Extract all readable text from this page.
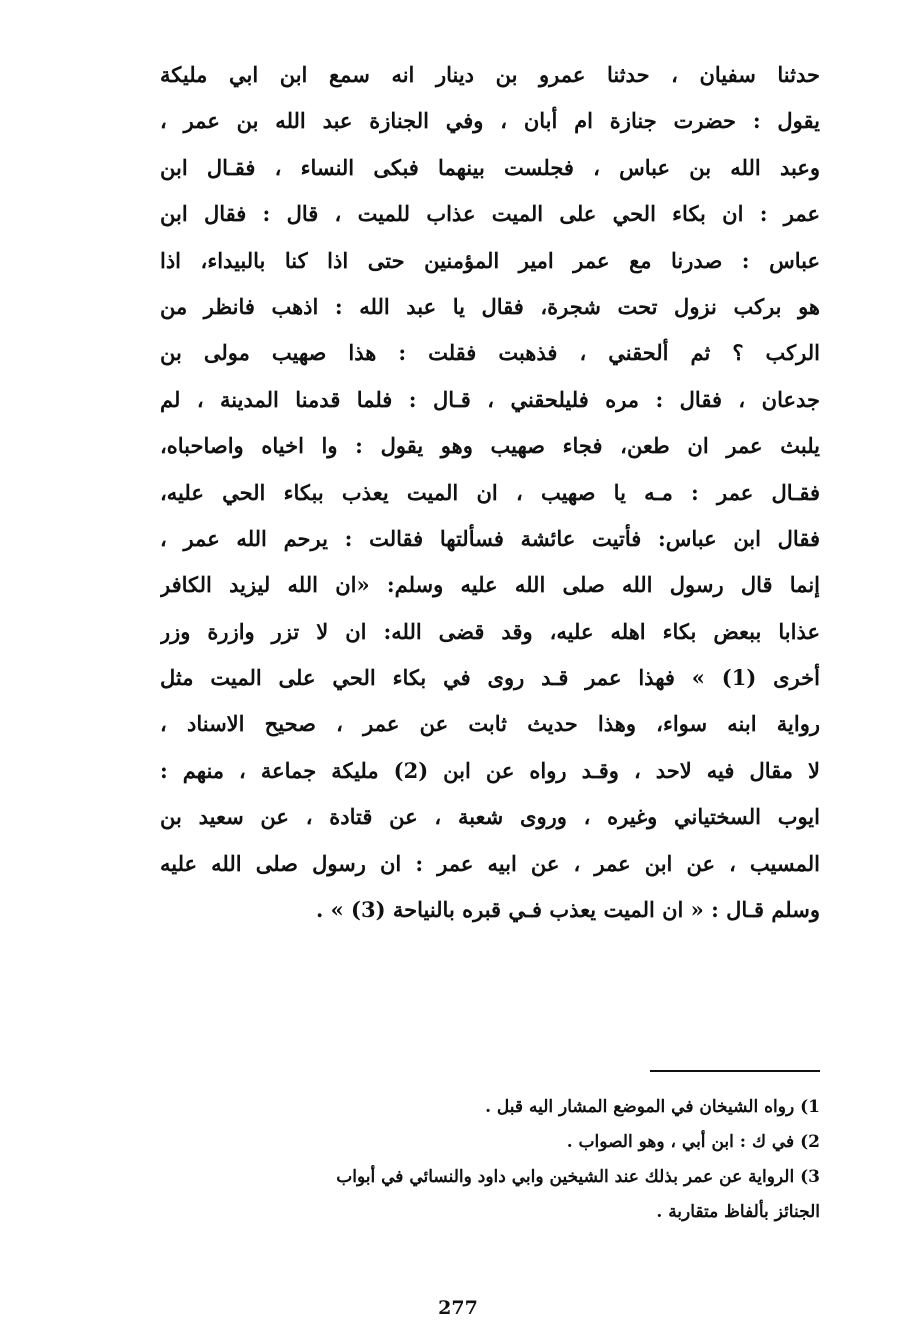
حدثنا سفيان ، حدثنا عمرو بن دينار انه سمع ابن ابي مليكة
يقول : حضرت جنازة ام أبان ، وفي الجنازة عبد الله بن عمر ،
وعبد الله بن عباس ، فجلست بينهما فبكى النساء ، فقـال ابن
عمر : ان بكاء الحي على الميت عذاب للميت ، قال : فقال ابن
عباس : صدرنا مع عمر امير المؤمنين حتى اذا كنا بالبيداء، اذا
هو بركب نزول تحت شجرة، فقال يا عبد الله : اذهب فانظر من
الركب ؟ ثم ألحقني ، فذهبت فقلت : هذا صهيب مولى بن
جدعان ، فقال : مره فليلحقني ، قـال : فلما قدمنا المدينة ، لم
يلبث عمر ان طعن، فجاء صهيب وهو يقول : وا اخياه واصاحباه،
فقـال عمر : مـه يا صهيب ، ان الميت يعذب ببكاء الحي عليه،
فقال ابن عباس: فأتيت عائشة فسألتها فقالت : يرحم الله عمر ،
إنما قال رسول الله صلى الله عليه وسلم: «ان الله ليزيد الكافر
عذابا ببعض بكاء اهله عليه، وقد قضى الله: ان لا تزر وازرة وزر
أخرى (1) » فهذا عمر قـد روى في بكاء الحي على الميت مثل
رواية ابنه سواء، وهذا حديث ثابت عن عمر ، صحيح الاسناد ،
لا مقال فيه لاحد ، وقـد رواه عن ابن (2) مليكة جماعة ، منهم :
ايوب السختياني وغيره ، وروى شعبة ، عن قتادة ، عن سعيد بن
المسيب ، عن ابن عمر ، عن ابيه عمر : ان رسول صلى الله عليه
وسلم قـال : « ان الميت يعذب فـي قبره بالنياحة (3) » .
1) رواه الشيخان في الموضع المشار اليه قبل .
2) في ك : ابن أبي ، وهو الصواب .
3) الرواية عن عمر بذلك عند الشيخين وابي داود والنسائي في أبواب
الجنائز بألفاظ متقاربة .
277
